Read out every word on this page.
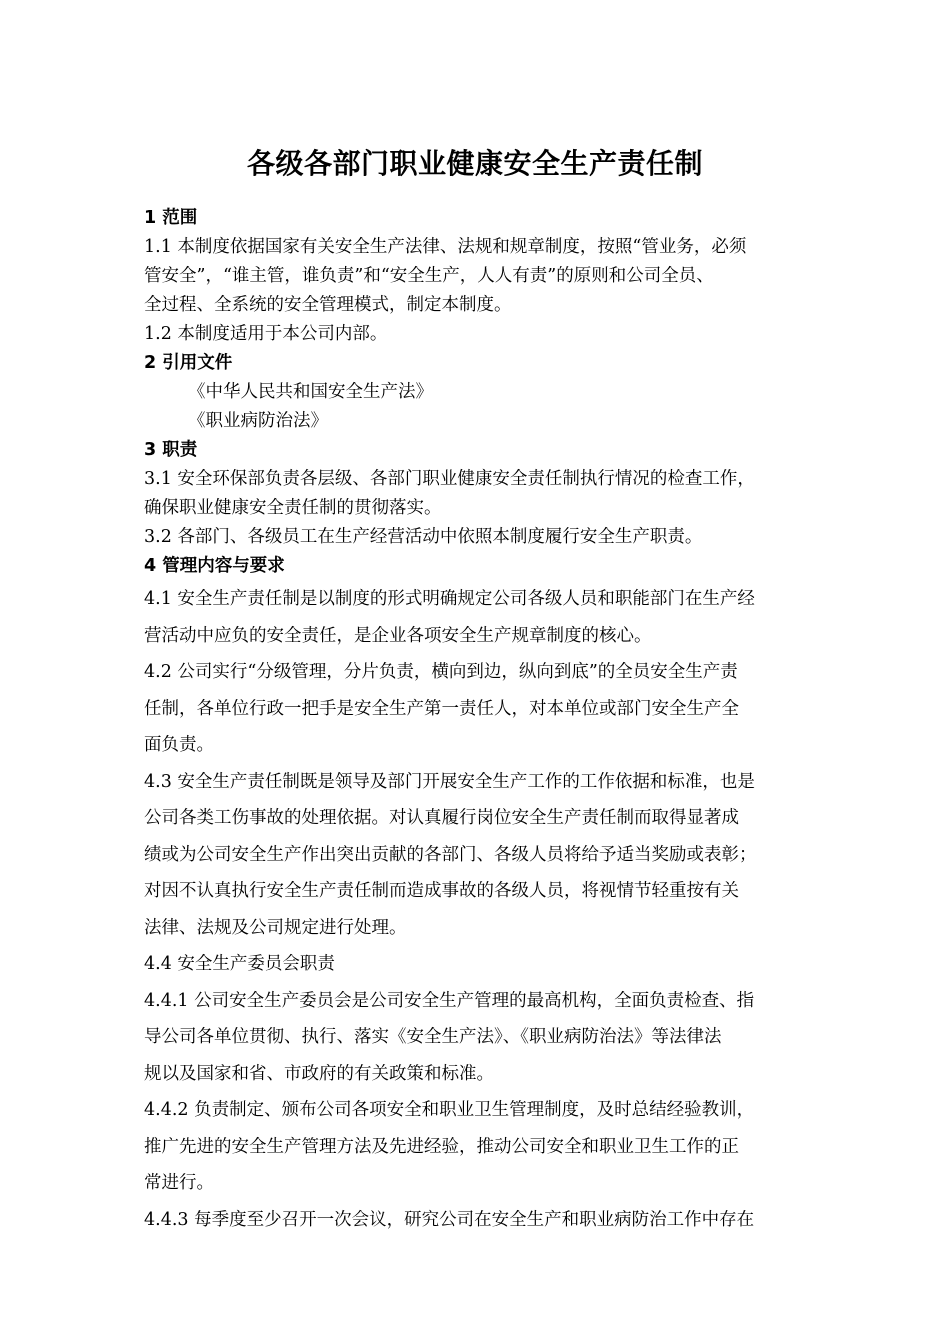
各级各部门职业健康安全生产责任制
1 范围
1.1 本制度依据国家有关安全生产法律、法规和规章制度，按照“管业务，必须
管安全”，“谁主管，谁负责”和“安全生产，人人有责”的原则和公司全员、
全过程、全系统的安全管理模式，制定本制度。
1.2 本制度适用于本公司内部。
2 引用文件
《中华人民共和国安全生产法》
《职业病防治法》
3 职责
3.1 安全环保部负责各层级、各部门职业健康安全责任制执行情况的检查工作，
确保职业健康安全责任制的贯彻落实。
3.2 各部门、各级员工在生产经营活动中依照本制度履行安全生产职责。
4 管理内容与要求
4.1 安全生产责任制是以制度的形式明确规定公司各级人员和职能部门在生产经
营活动中应负的安全责任，是企业各项安全生产规章制度的核心。
4.2 公司实行“分级管理，分片负责，横向到边，纵向到底”的全员安全生产责
任制，各单位行政一把手是安全生产第一责任人，对本单位或部门安全生产全
面负责。
4.3 安全生产责任制既是领导及部门开展安全生产工作的工作依据和标准，也是
公司各类工伤事故的处理依据。对认真履行岗位安全生产责任制而取得显著成
绩或为公司安全生产作出突出贡献的各部门、各级人员将给予适当奖励或表彰；
对因不认真执行安全生产责任制而造成事故的各级人员，将视情节轻重按有关
法律、法规及公司规定进行处理。
4.4 安全生产委员会职责
4.4.1 公司安全生产委员会是公司安全生产管理的最高机构，全面负责检查、指
导公司各单位贯彻、执行、落实《安全生产法》、《职业病防治法》等法律法
规以及国家和省、市政府的有关政策和标准。
4.4.2 负责制定、颁布公司各项安全和职业卫生管理制度，及时总结经验教训，
推广先进的安全生产管理方法及先进经验，推动公司安全和职业卫生工作的正
常进行。
4.4.3 每季度至少召开一次会议，研究公司在安全生产和职业病防治工作中存在
